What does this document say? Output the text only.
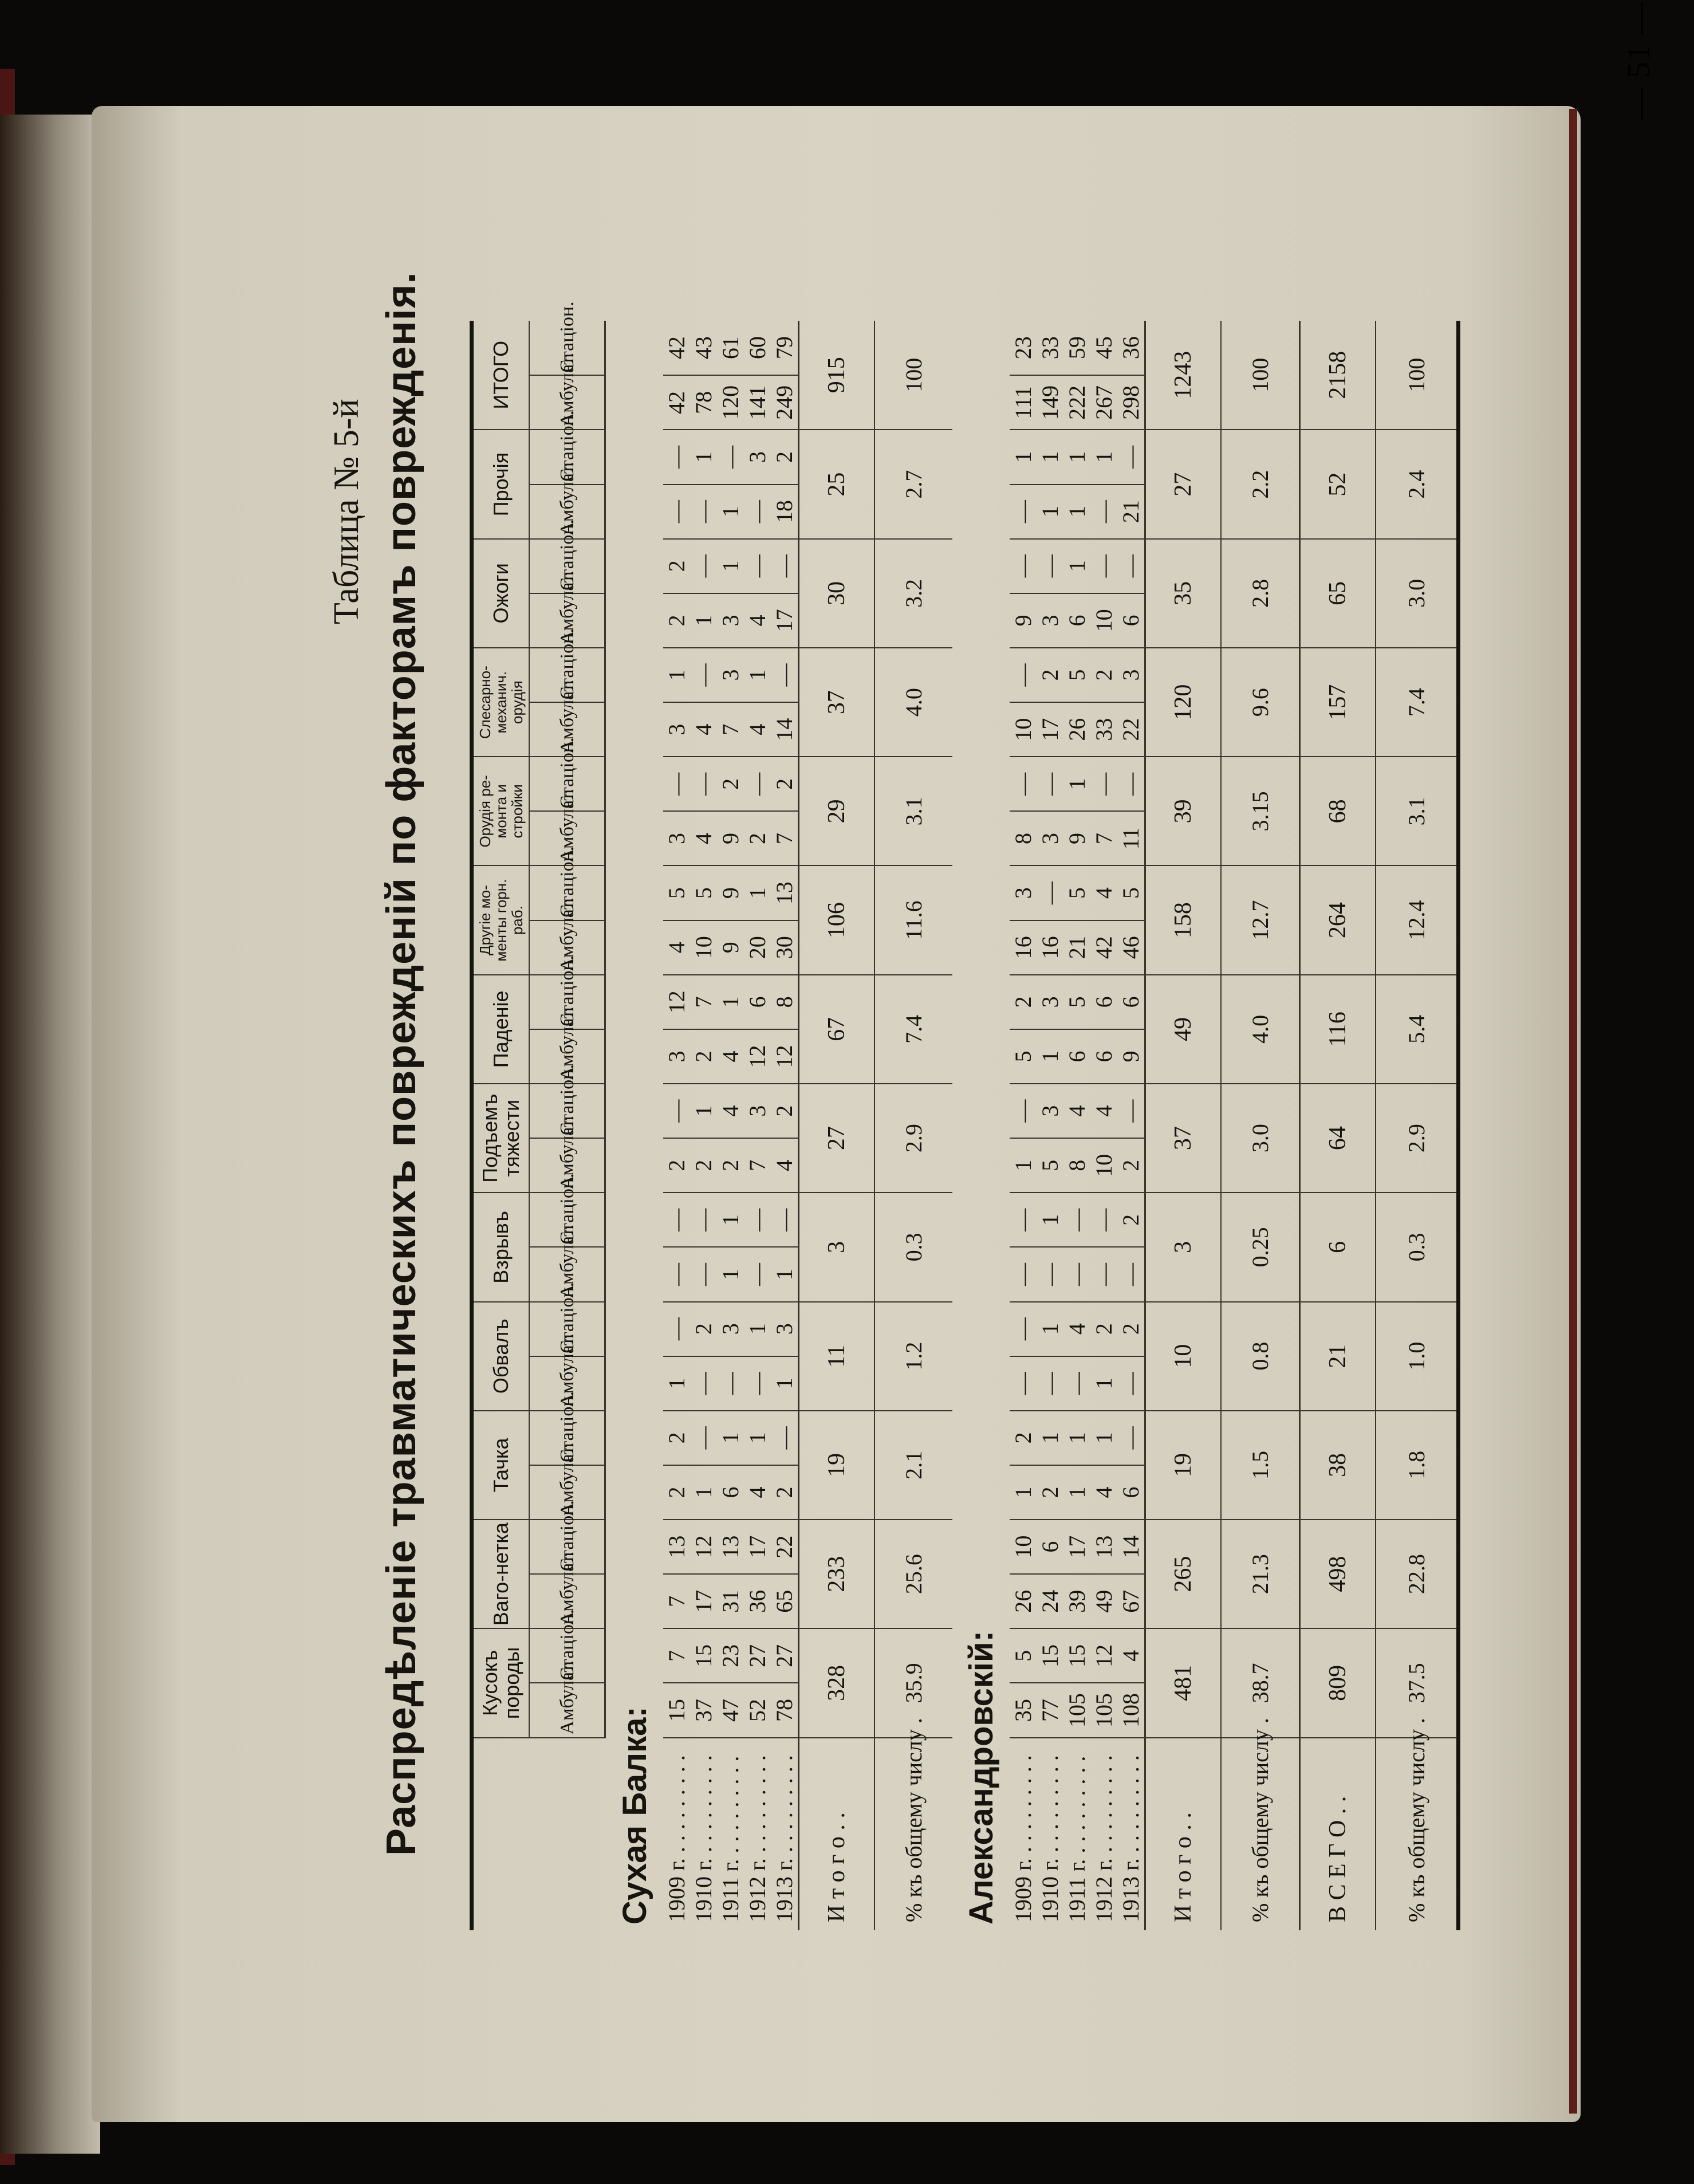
— 51 —
Таблица № 5-й Распредѣленіе травматическихъ поврежденій по факторамъ поврежденія.
		Кусокъ породы		Ваго-нетка		Тачка		Обвалъ		Взрывъ		Подъемъ тяжести		Паденіе		Другіе мо-менты горн. раб.		Орудія ре-монта и стройки		Слесарно-механич. орудія		Ожоги		Прочія		ИТОГО	
	Амбулат.	Стаціон.	Амбулат.	Стаціон.	Амбулат.	Стаціон.	Амбулат.	Стаціон.	Амбулат.	Стаціон.	Амбулат.	Стаціон.	Амбулат.	Стаціон.	Амбулат.	Стаціон.	Амбулат.	Стаціон.	Амбулат.	Стаціон.	Амбулат.	Стаціон.	Амбулат.	Стаціон.	Амбулат.	Стаціон.
Сухая Балка:																										
1909 г. . . . . . . . . .	15	7	7	13	2	2	1	—	—	—	2	—	3	12	4	5	3	—	3	1	2	2	—	—	42	42
1910 г. . . . . . . . . .	37	15	17	12	1	—	—	2	—	—	2	1	2	7	10	5	4	—	4	—	1	—	—	1	78	43
1911 г. . . . . . . . . .	47	23	31	13	6	1	—	3	1	1	2	4	4	1	9	9	9	2	7	3	3	1	1	—	120	61
1912 г. . . . . . . . . .	52	27	36	17	4	1	—	1	—	—	7	3	12	6	20	1	2	—	4	1	4	—	—	3	141	60
1913 г. . . . . . . . . .	78	27	65	22	2	—	1	3	1	—	4	2	12	8	30	13	7	2	14	—	17	—	18	2	249	79
И т о г о . .	328		233		19		11		3		27		67		106		29		37		30		25		915	
% къ общему числу .	35.9		25.6		2.1		1.2		0.3		2.9		7.4		11.6		3.1		4.0		3.2		2.7		100	
Александровскій:																										
1909 г. . . . . . . . . .	35	5	26	10	1	2	—	—	—	—	1	—	5	2	16	3	8	—	10	—	9	—	—	1	111	23
1910 г. . . . . . . . . .	77	15	24	6	2	1	—	1	—	1	5	3	1	3	16	—	3	—	17	2	3	—	1	1	149	33
1911 г. . . . . . . . . .	105	15	39	17	1	1	—	4	—	—	8	4	6	5	21	5	9	1	26	5	6	1	1	1	222	59
1912 г. . . . . . . . . .	105	12	49	13	4	1	1	2	—	—	10	4	6	6	42	4	7	—	33	2	10	—	—	1	267	45
1913 г. . . . . . . . . .	108	4	67	14	6	—	—	2	—	2	2	—	9	6	46	5	11	—	22	3	6	—	21	—	298	36
И т о г о . .	481		265		19		10		3		37		49		158		39		120		35		27		1243	
% къ общему числу .	38.7		21.3		1.5		0.8		0.25		3.0		4.0		12.7		3.15		9.6		2.8		2.2		100	
В С Е Г О . .	809		498		38		21		6		64		116		264		68		157		65		52		2158	
% къ общему числу .	37.5		22.8		1.8		1.0		0.3		2.9		5.4		12.4		3.1		7.4		3.0		2.4		100	
